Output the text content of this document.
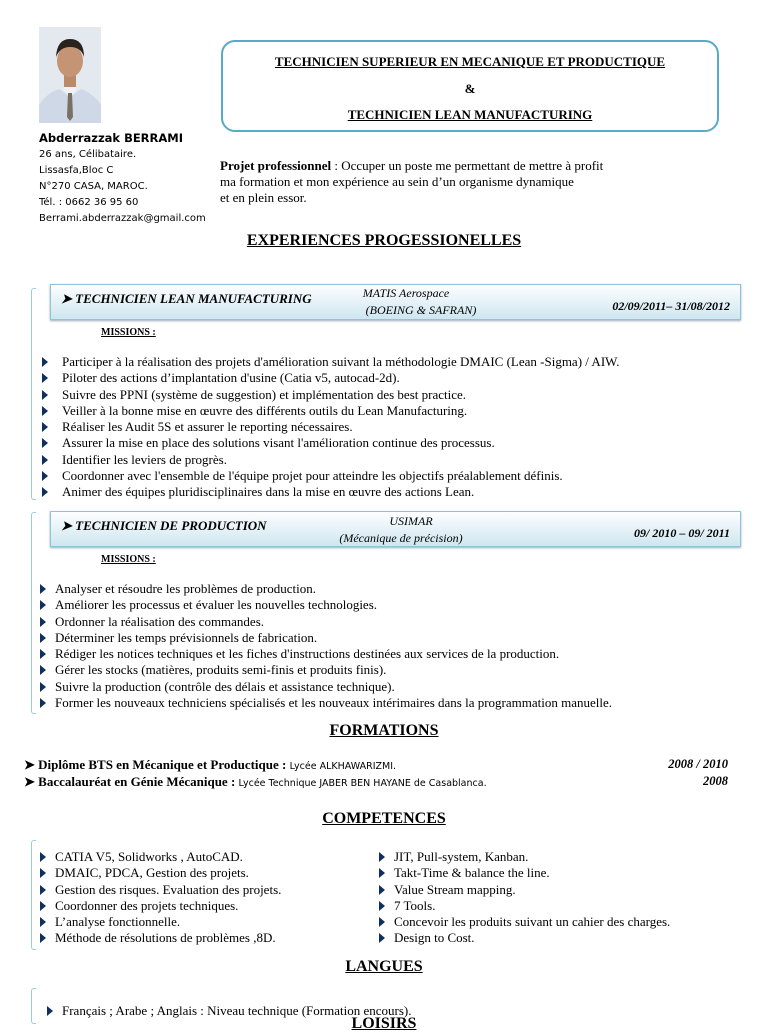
Abderrazzak BERRAMI
26 ans, Célibataire.
Lissasfa,Bloc C
N°270 CASA, MAROC.
Tél. : 0662 36 95 60
Berrami.abderrazzak@gmail.com
TECHNICIEN SUPERIEUR EN MECANIQUE ET PRODUCTIQUE
&
TECHNICIEN LEAN MANUFACTURING
Projet professionnel : Occuper un poste me permettant de mettre à profit
ma formation et mon expérience au sein d’un organisme dynamique
et en plein essor.
EXPERIENCES PROGESSIONELLES
➤ TECHNICIEN LEAN MANUFACTURING	MATIS Aerospace
(BOEING & SAFRAN)	02/09/2011– 31/08/2012
MISSIONS :
Participer à la réalisation des projets d'amélioration suivant la méthodologie DMAIC (Lean -Sigma) / AIW.
Piloter des actions d’implantation d'usine (Catia v5, autocad-2d).
Suivre des PPNI (système de suggestion) et implémentation des best practice.
Veiller à la bonne mise en œuvre des différents outils du Lean Manufacturing.
Réaliser les Audit 5S et assurer le reporting nécessaires.
Assurer la mise en place des solutions visant l'amélioration continue des processus.
Identifier les leviers de progrès.
Coordonner avec l'ensemble de l'équipe projet pour atteindre les objectifs préalablement définis.
Animer des équipes pluridisciplinaires dans la mise en œuvre des actions Lean.
➤ TECHNICIEN DE PRODUCTION	USIMAR
(Mécanique de précision)	09/ 2010 – 09/ 2011
MISSIONS :
Analyser et résoudre les problèmes de production.
Améliorer les processus et évaluer les nouvelles technologies.
Ordonner la réalisation des commandes.
Déterminer les temps prévisionnels de fabrication.
Rédiger les notices techniques et les fiches d'instructions destinées aux services de la production.
Gérer les stocks (matières, produits semi-finis et produits finis).
Suivre la production (contrôle des délais et assistance technique).
Former les nouveaux techniciens spécialisés et les nouveaux intérimaires dans la programmation manuelle.
FORMATIONS
➤ Diplôme BTS en Mécanique et Productique : Lycée ALKHAWARIZMI.	2008 / 2010
➤ Baccalauréat en Génie Mécanique : Lycée Technique JABER BEN HAYANE de Casablanca.	2008
COMPETENCES
CATIA V5, Solidworks , AutoCAD.
DMAIC, PDCA, Gestion des projets.
Gestion des risques. Evaluation des projets.
Coordonner des projets techniques.
L’analyse fonctionnelle.
Méthode de résolutions de problèmes ,8D.
JIT, Pull-system, Kanban.
Takt-Time & balance the line.
Value Stream mapping.
7 Tools.
Concevoir les produits suivant un cahier des charges.
Design to Cost.
LANGUES
Français ; Arabe ; Anglais : Niveau technique (Formation encours).
LOISIRS
